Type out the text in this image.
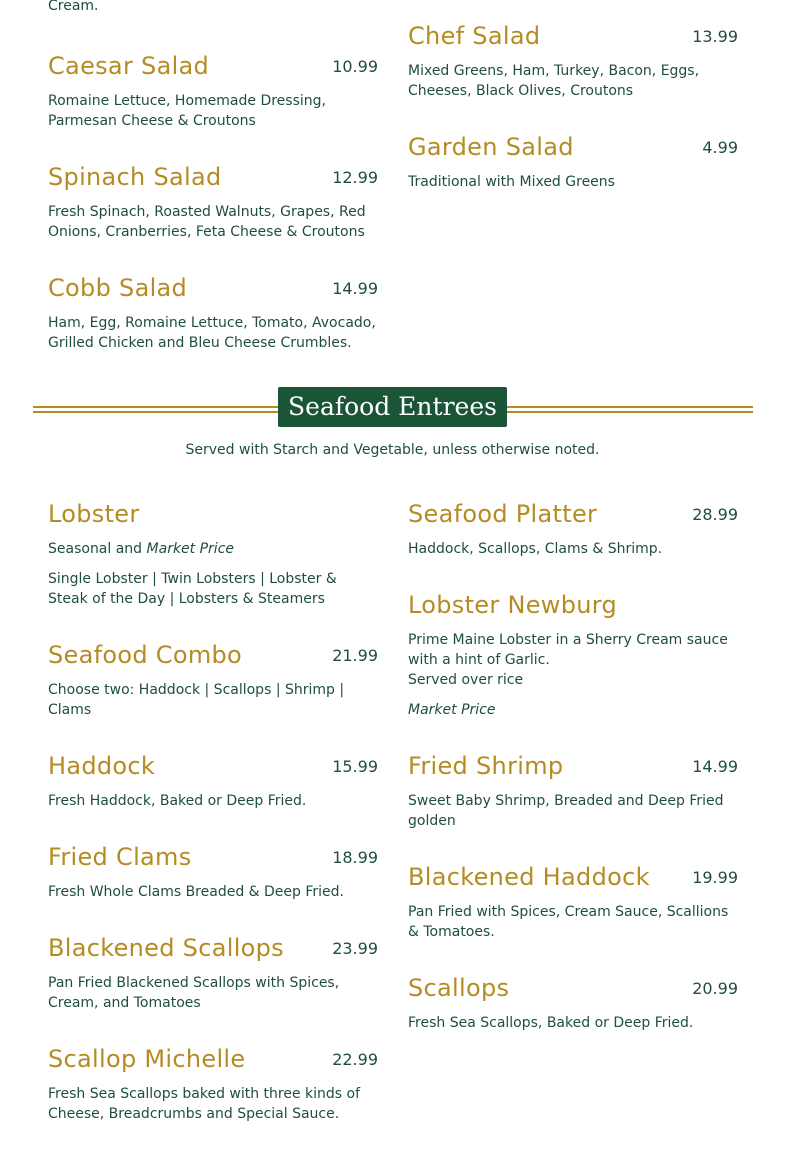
Cream.
Caesar Salad	10.99
Romaine Lettuce, Homemade Dressing, Parmesan Cheese & Croutons
Spinach Salad	12.99
Fresh Spinach, Roasted Walnuts, Grapes, Red Onions, Cranberries, Feta Cheese & Croutons
Cobb Salad	14.99
Ham, Egg, Romaine Lettuce, Tomato, Avocado, Grilled Chicken and Bleu Cheese Crumbles.
Chef Salad	13.99
Mixed Greens, Ham, Turkey, Bacon, Eggs, Cheeses, Black Olives, Croutons
Garden Salad	4.99
Traditional with Mixed Greens
Seafood Entrees
Served with Starch and Vegetable, unless otherwise noted.
Lobster
Seasonal and Market Price
Single Lobster | Twin Lobsters | Lobster & Steak of the Day | Lobsters & Steamers
Seafood Combo	21.99
Choose two: Haddock | Scallops | Shrimp | Clams
Haddock	15.99
Fresh Haddock, Baked or Deep Fried.
Fried Clams	18.99
Fresh Whole Clams Breaded & Deep Fried.
Blackened Scallops	23.99
Pan Fried Blackened Scallops with Spices, Cream, and Tomatoes
Scallop Michelle	22.99
Fresh Sea Scallops baked with three kinds of Cheese, Breadcrumbs and Special Sauce.
Seafood Platter	28.99
Haddock, Scallops, Clams & Shrimp.
Lobster Newburg

Prime Maine Lobster in a Sherry Cream sauce with a hint of Garlic.

Served over rice

Market Price
Fried Shrimp	14.99
Sweet Baby Shrimp, Breaded and Deep Fried golden
Blackened Haddock	19.99
Pan Fried with Spices, Cream Sauce, Scallions & Tomatoes.
Scallops	20.99
Fresh Sea Scallops, Baked or Deep Fried.
